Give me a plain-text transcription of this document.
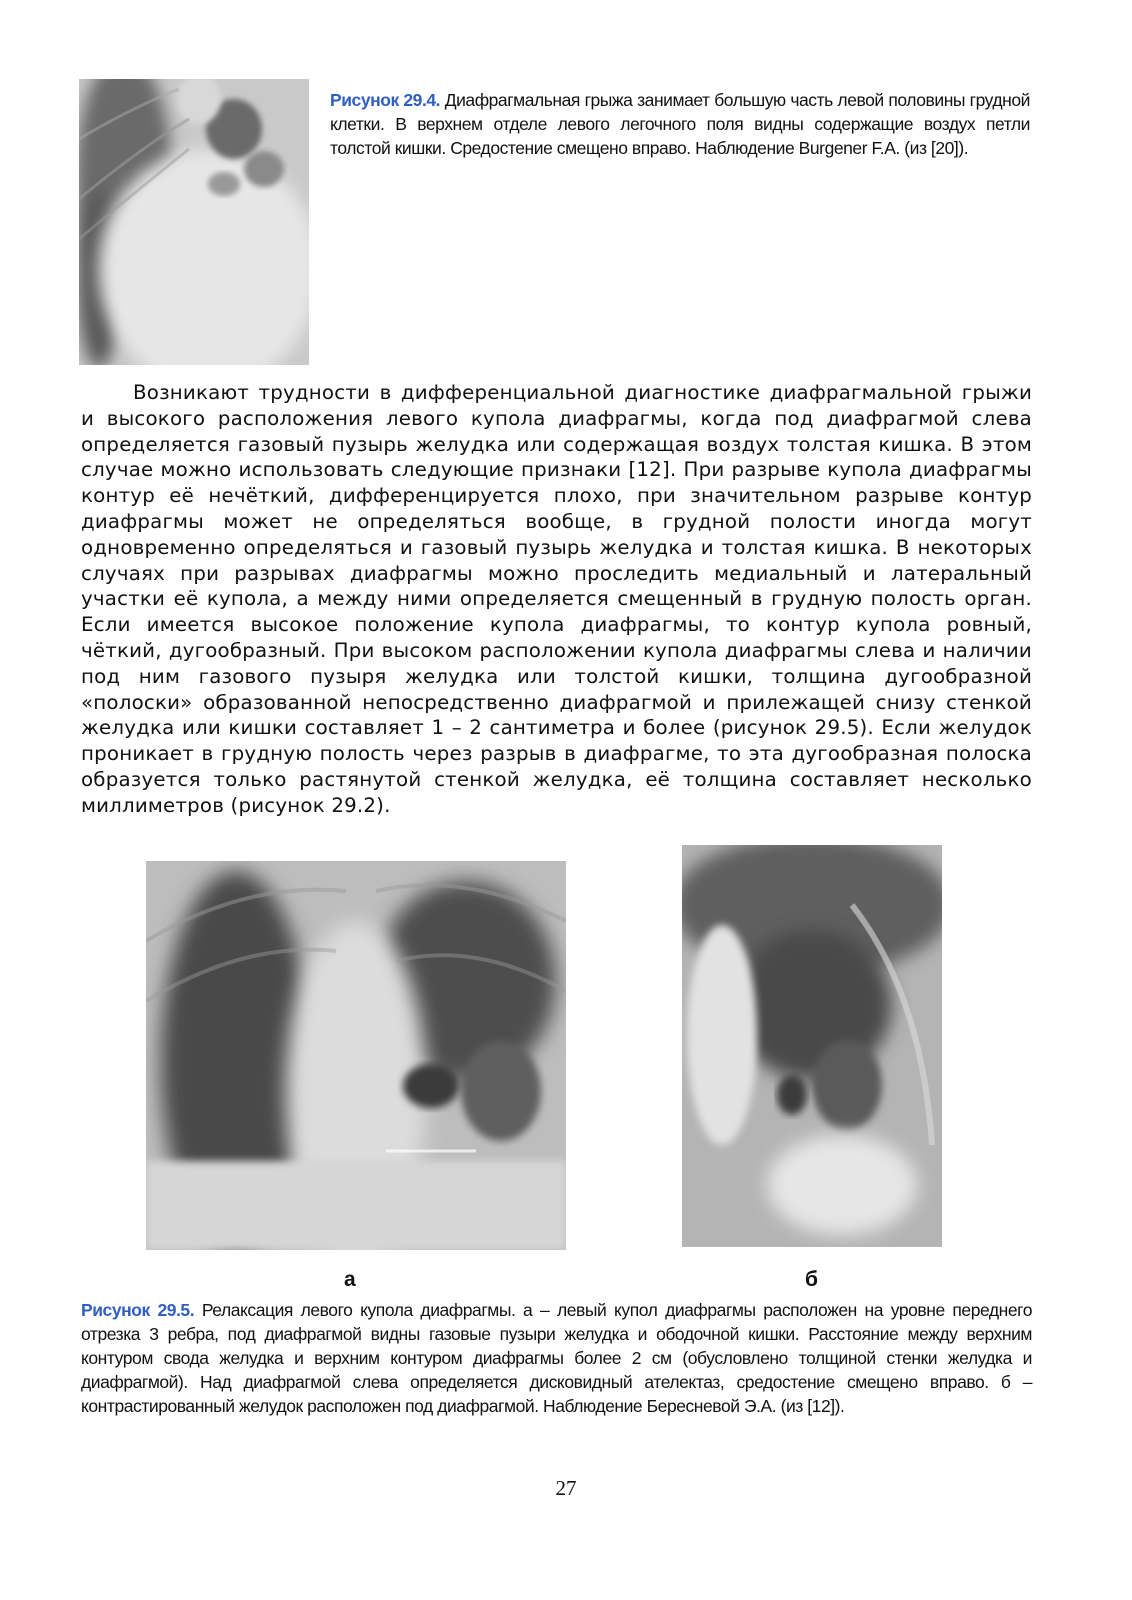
Рисунок 29.4. Диафрагмальная грыжа занимает большую часть левой половины грудной клетки. В верхнем отделе левого легочного поля видны содержащие воздух петли толстой кишки. Средостение смещено вправо. Наблюдение Burgener F.A. (из [20]).

Возникают трудности в дифференциальной диагностике диафрагмальной грыжи и высокого расположения левого купола диафрагмы, когда под диафрагмой слева определяется газовый пузырь желудка или содержащая воздух толстая кишка. В этом случае можно использовать следующие признаки [12]. При разрыве купола диафрагмы контур её нечёткий, дифференцируется плохо, при значительном разрыве контур диафрагмы может не определяться вообще, в грудной полости иногда могут одновременно определяться и газовый пузырь желудка и толстая кишка. В некоторых случаях при разрывах диафрагмы можно проследить медиальный и латеральный участки её купола, а между ними определяется смещенный в грудную полость орган. Если имеется высокое положение купола диафрагмы, то контур купола ровный, чёткий, дугообразный. При высоком расположении купола диафрагмы слева и наличии под ним газового пузыря желудка или толстой кишки, толщина дугообразной «полоски» образованной непосредственно диафрагмой и прилежащей снизу стенкой желудка или кишки составляет 1 – 2 сантиметра и более (рисунок 29.5). Если желудок проникает в грудную полость через разрыв в диафрагме, то эта дугообразная полоска образуется только растянутой стенкой желудка, её толщина составляет несколько миллиметров (рисунок 29.2).

а	б
Рисунок 29.5. Релаксация левого купола диафрагмы. а – левый купол диафрагмы расположен на уровне переднего отрезка 3 ребра, под диафрагмой видны газовые пузыри желудка и ободочной кишки. Расстояние между верхним контуром свода желудка и верхним контуром диафрагмы более 2 см (обусловлено толщиной стенки желудка и диафрагмой). Над диафрагмой слева определяется дисковидный ателектаз, средостение смещено вправо. б – контрастированный желудок расположен под диафрагмой. Наблюдение Бересневой Э.А. (из [12]).
27
